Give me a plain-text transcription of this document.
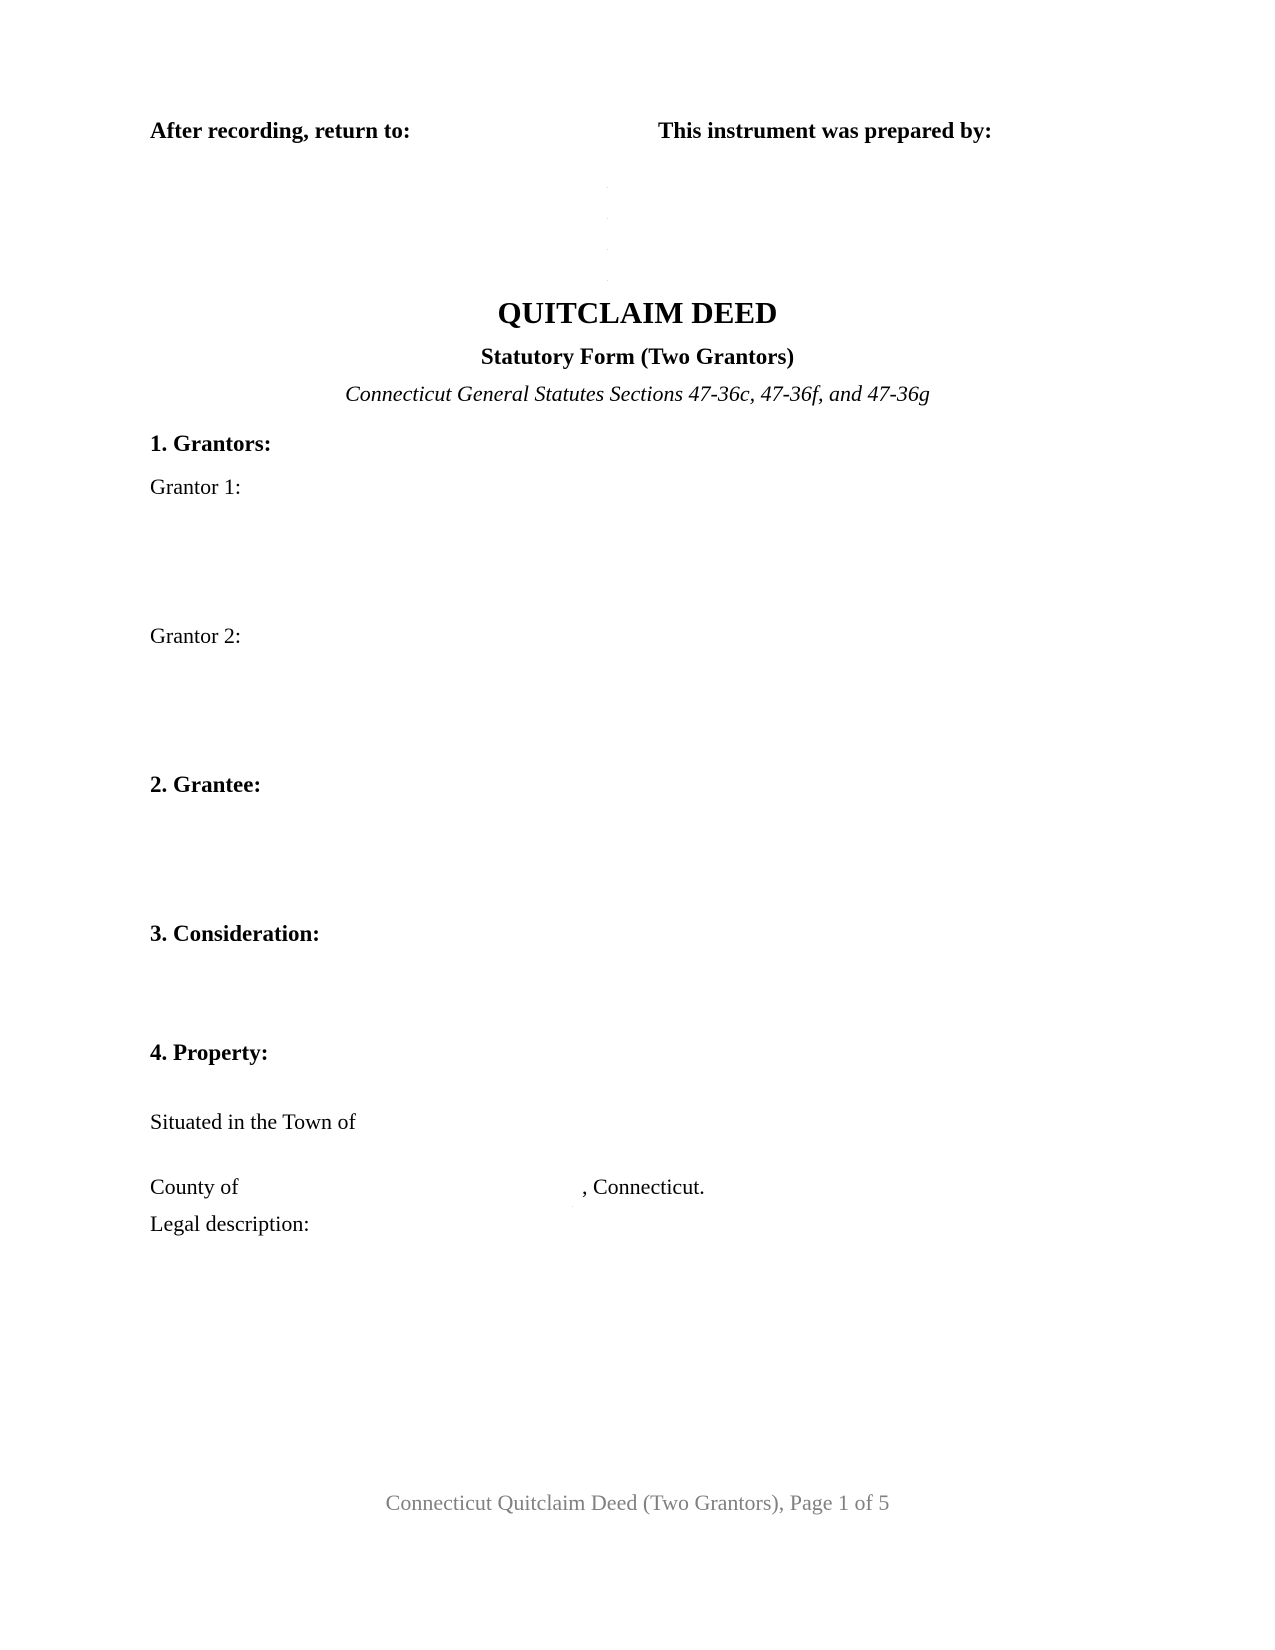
After recording, return to:	This instrument was prepared by:
QUITCLAIM DEED
Statutory Form (Two Grantors)
Connecticut General Statutes Sections 47-36c, 47-36f, and 47-36g
1. Grantors:
Grantor 1:
Grantor 2:
2. Grantee:
3. Consideration:
4. Property:
Situated in the Town of
County of	, Connecticut.
Legal description:
Connecticut Quitclaim Deed (Two Grantors), Page 1 of 5
